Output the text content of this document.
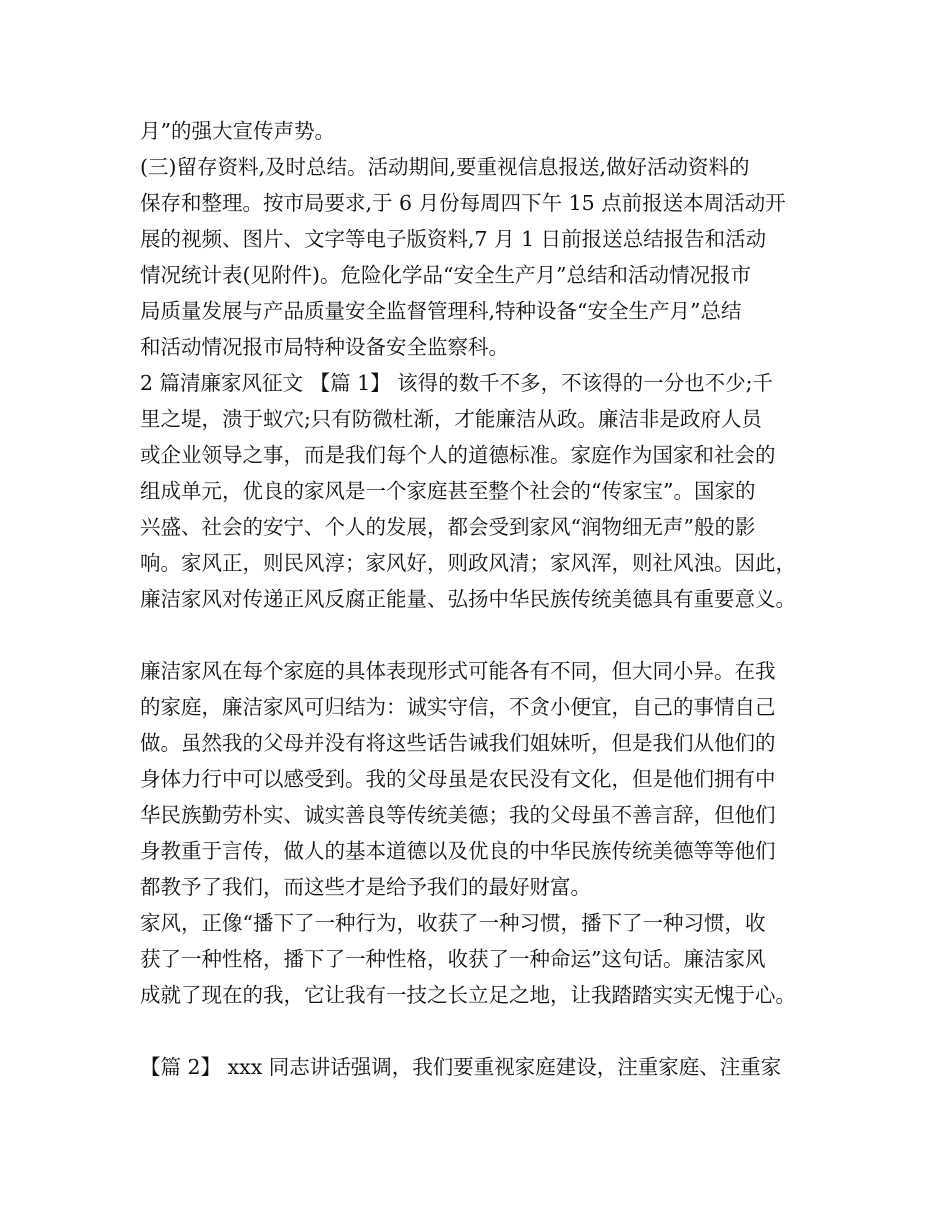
月”的强大宣传声势。
(三)留存资料,及时总结。活动期间,要重视信息报送,做好活动资料的
保存和整理。按市局要求,于 6 月份每周四下午 15 点前报送本周活动开
展的视频、图片、文字等电子版资料,7 月 1 日前报送总结报告和活动
情况统计表(见附件)。危险化学品“安全生产月”总结和活动情况报市
局质量发展与产品质量安全监督管理科,特种设备“安全生产月”总结
和活动情况报市局特种设备安全监察科。
2 篇清廉家风征文 【篇 1】 该得的数千不多，不该得的一分也不少;千
里之堤，溃于蚁穴;只有防微杜渐，才能廉洁从政。廉洁非是政府人员
或企业领导之事，而是我们每个人的道德标准。家庭作为国家和社会的
组成单元，优良的家风是一个家庭甚至整个社会的“传家宝”。国家的
兴盛、社会的安宁、个人的发展，都会受到家风“润物细无声”般的影
响。家风正，则民风淳；家风好，则政风清；家风浑，则社风浊。因此，
廉洁家风对传递正风反腐正能量、弘扬中华民族传统美德具有重要意义。
廉洁家风在每个家庭的具体表现形式可能各有不同，但大同小异。在我
的家庭，廉洁家风可归结为：诚实守信，不贪小便宜，自己的事情自己
做。虽然我的父母并没有将这些话告诫我们姐妹听，但是我们从他们的
身体力行中可以感受到。我的父母虽是农民没有文化，但是他们拥有中
华民族勤劳朴实、诚实善良等传统美德；我的父母虽不善言辞，但他们
身教重于言传，做人的基本道德以及优良的中华民族传统美德等等他们
都教予了我们，而这些才是给予我们的最好财富。
家风，正像“播下了一种行为，收获了一种习惯，播下了一种习惯，收
获了一种性格，播下了一种性格，收获了一种命运”这句话。廉洁家风
成就了现在的我，它让我有一技之长立足之地，让我踏踏实实无愧于心。
【篇 2】 xxx 同志讲话强调，我们要重视家庭建设，注重家庭、注重家
